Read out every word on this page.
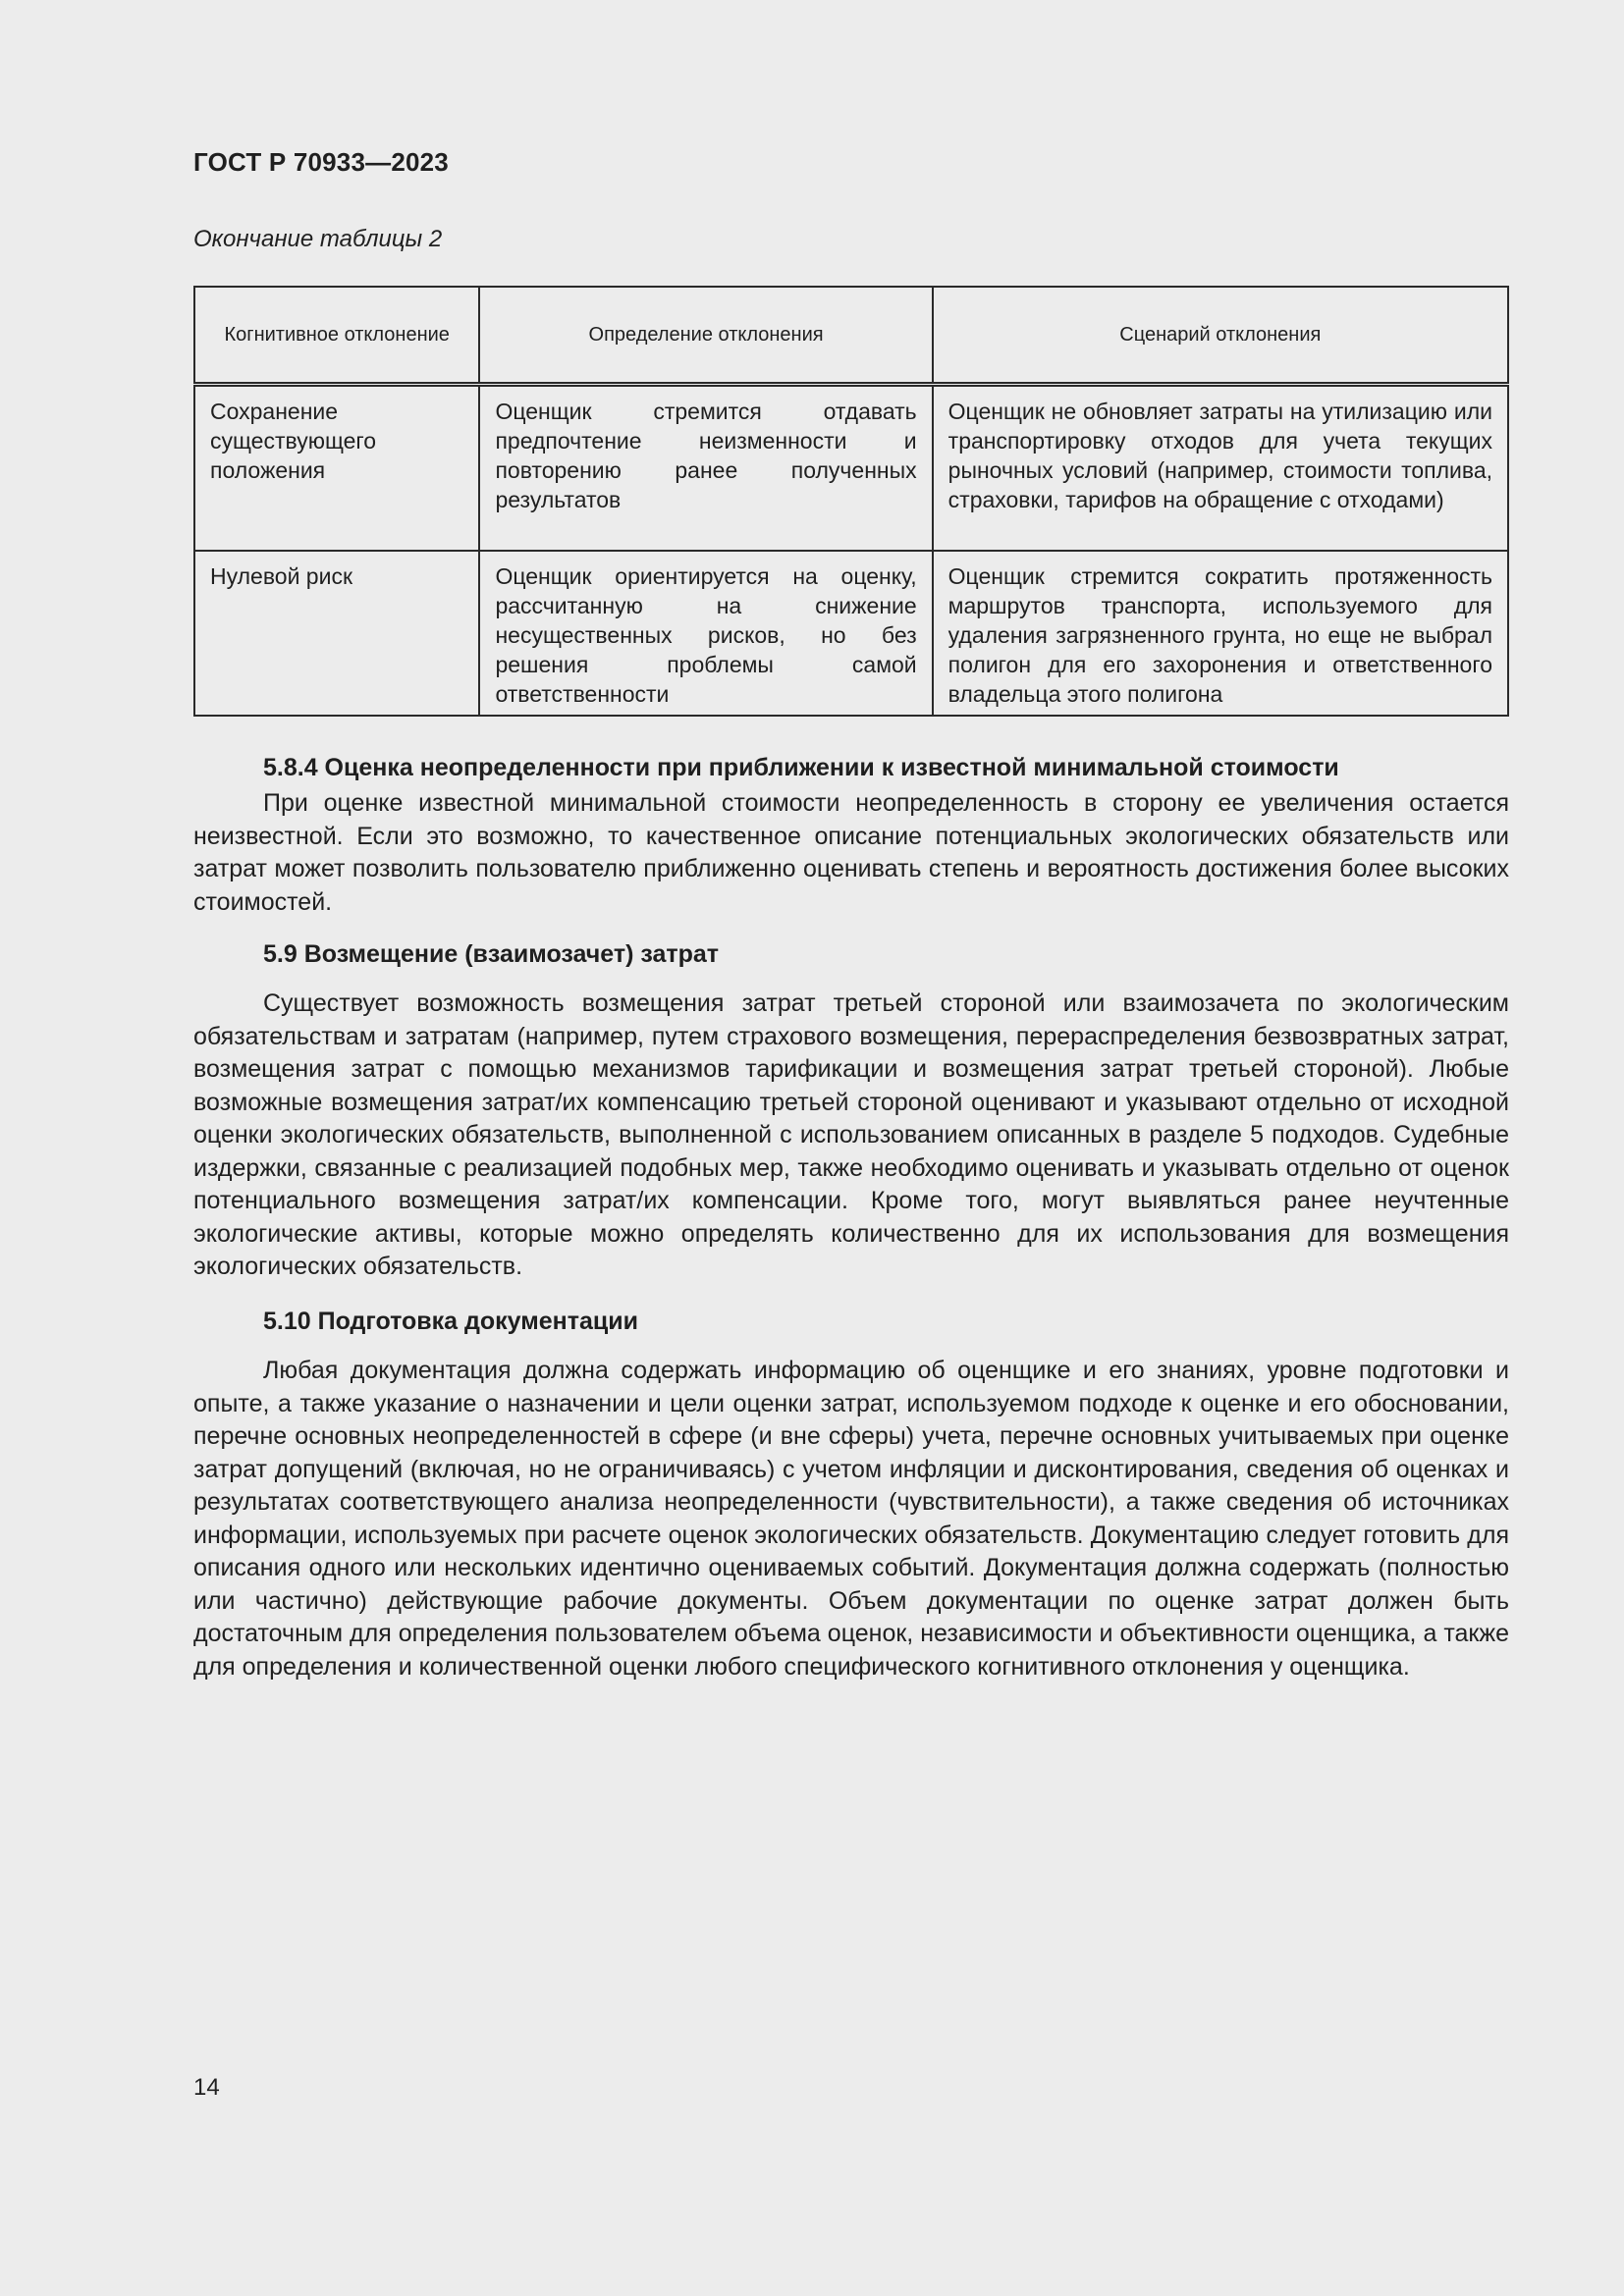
ГОСТ Р 70933—2023
Окончание таблицы 2
Когнитивное отклонение	Определение отклонения	Сценарий отклонения
Сохранение существующего положения	Оценщик стремится отдавать предпочтение неизменности и повторению ранее полученных результатов	Оценщик не обновляет затраты на утилизацию или транспортировку отходов для учета текущих рыночных условий (например, стоимости топлива, страховки, тарифов на обращение с отходами)
Нулевой риск	Оценщик ориентируется на оценку, рассчитанную на снижение несущественных рисков, но без решения проблемы самой ответственности	Оценщик стремится сократить протяженность маршрутов транспорта, используемого для удаления загрязненного грунта, но еще не выбрал полигон для его захоронения и ответственного владельца этого полигона
5.8.4 Оценка неопределенности при приближении к известной минимальной стоимости

При оценке известной минимальной стоимости неопределенность в сторону ее увеличения остается неизвестной. Если это возможно, то качественное описание потенциальных экологических обязательств или затрат может позволить пользователю приближенно оценивать степень и вероятность достижения более высоких стоимостей.

5.9 Возмещение (взаимозачет) затрат

Существует возможность возмещения затрат третьей стороной или взаимозачета по экологическим обязательствам и затратам (например, путем страхового возмещения, перераспределения безвозвратных затрат, возмещения затрат с помощью механизмов тарификации и возмещения затрат третьей стороной). Любые возможные возмещения затрат/их компенсацию третьей стороной оценивают и указывают отдельно от исходной оценки экологических обязательств, выполненной с использованием описанных в разделе 5 подходов. Судебные издержки, связанные с реализацией подобных мер, также необходимо оценивать и указывать отдельно от оценок потенциального возмещения затрат/их компенсации. Кроме того, могут выявляться ранее неучтенные экологические активы, которые можно определять количественно для их использования для возмещения экологических обязательств.

5.10 Подготовка документации

Любая документация должна содержать информацию об оценщике и его знаниях, уровне подготовки и опыте, а также указание о назначении и цели оценки затрат, используемом подходе к оценке и его обосновании, перечне основных неопределенностей в сфере (и вне сферы) учета, перечне основных учитываемых при оценке затрат допущений (включая, но не ограничиваясь) с учетом инфляции и дисконтирования, сведения об оценках и результатах соответствующего анализа неопределенности (чувствительности), а также сведения об источниках информации, используемых при расчете оценок экологических обязательств. Документацию следует готовить для описания одного или нескольких идентично оцениваемых событий. Документация должна содержать (полностью или частично) действующие рабочие документы. Объем документации по оценке затрат должен быть достаточным для определения пользователем объема оценок, независимости и объективности оценщика, а также для определения и количественной оценки любого специфического когнитивного отклонения у оценщика.

14
